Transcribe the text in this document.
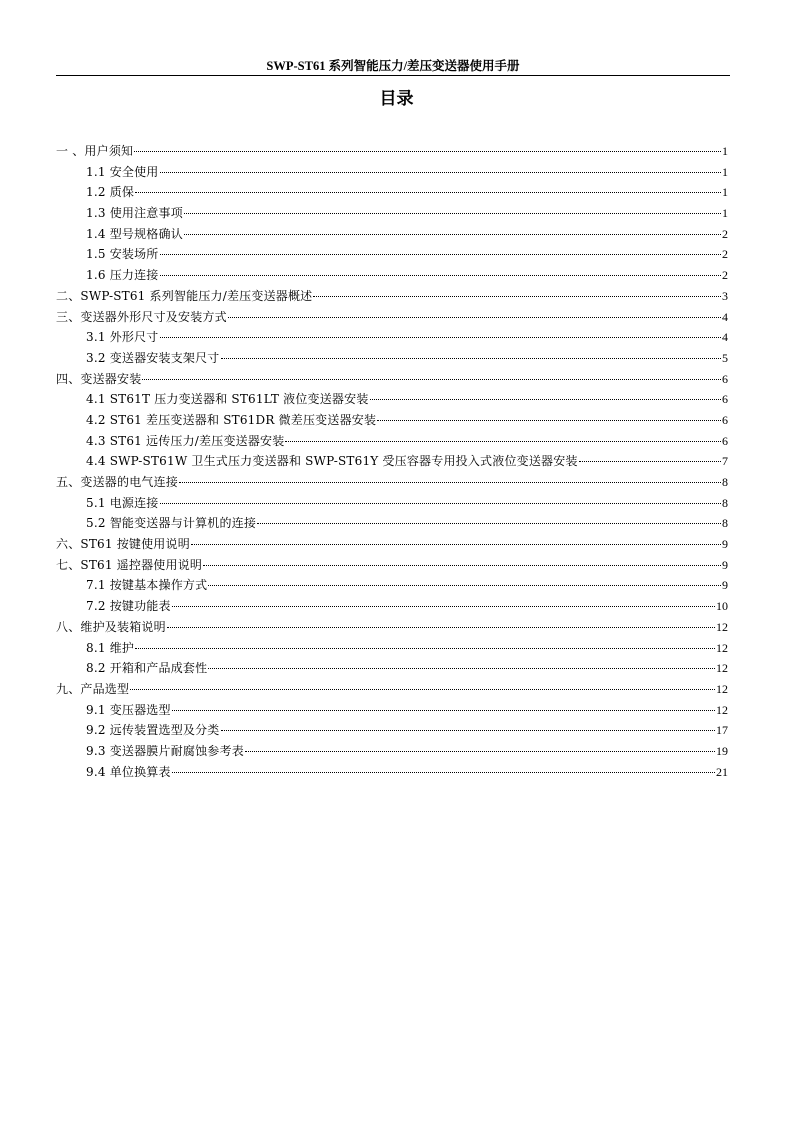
SWP-ST61 系列智能压力/差压变送器使用手册
目录
一 、用户须知	1
1.1 安全使用	1
1.2 质保	1
1.3 使用注意事项	1
1.4 型号规格确认	2
1.5 安装场所	2
1.6 压力连接	2
二、SWP-ST61 系列智能压力/差压变送器概述	3
三、变送器外形尺寸及安装方式	4
3.1 外形尺寸	4
3.2 变送器安装支架尺寸	5
四、变送器安装	6
4.1 ST61T 压力变送器和 ST61LT 液位变送器安装	6
4.2 ST61 差压变送器和 ST61DR 微差压变送器安装	6
4.3 ST61 远传压力/差压变送器安装	6
4.4 SWP-ST61W 卫生式压力变送器和 SWP-ST61Y 受压容器专用投入式液位变送器安装	7
五、变送器的电气连接	8
5.1 电源连接	8
5.2 智能变送器与计算机的连接	8
六、ST61 按键使用说明	9
七、ST61 遥控器使用说明	9
7.1 按键基本操作方式	9
7.2 按键功能表	10
八、维护及装箱说明	12
8.1 维护	12
8.2 开箱和产品成套性	12
九、产品选型	12
9.1 变压器选型	12
9.2 远传装置选型及分类	17
9.3 变送器膜片耐腐蚀参考表	19
9.4 单位换算表	21
